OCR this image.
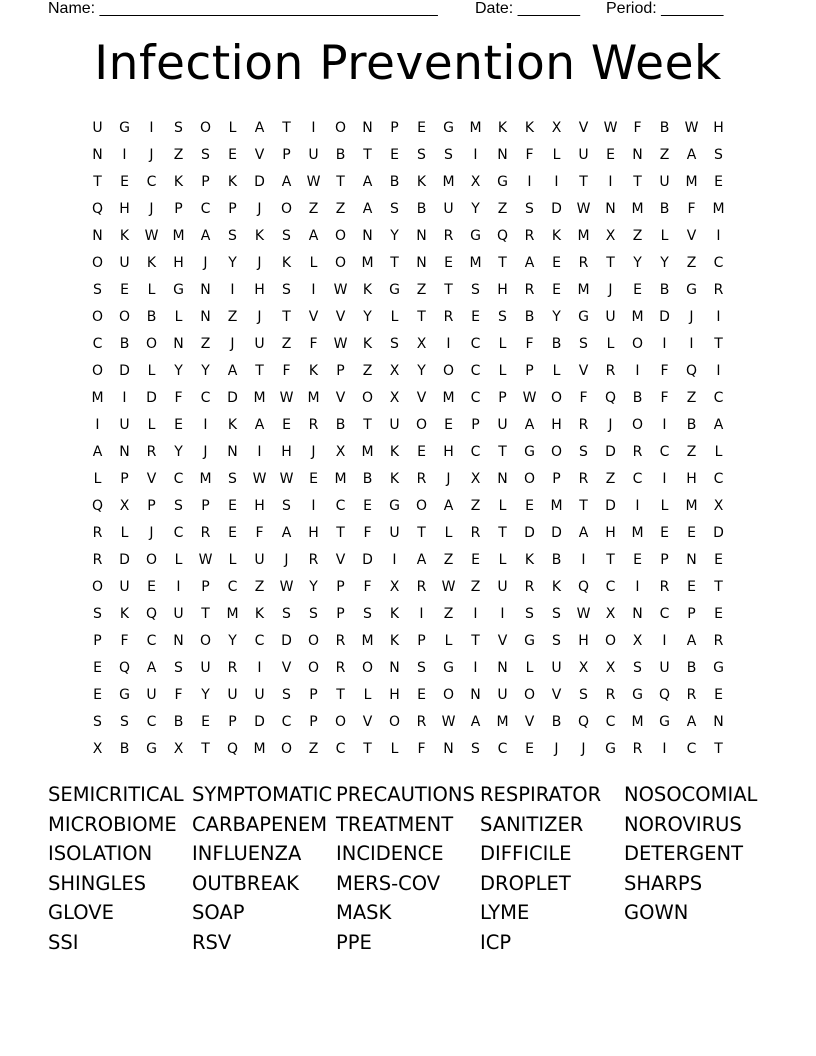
Name: ______________________________________ Date: _______ Period: _______
Infection Prevention Week
U	G	I	S	O	L	A	T	I	O	N	P	E	G	M	K	K	X	V	W	F	B	W	H
N	I	J	Z	S	E	V	P	U	B	T	E	S	S	I	N	F	L	U	E	N	Z	A	S
T	E	C	K	P	K	D	A	W	T	A	B	K	M	X	G	I	I	T	I	T	U	M	E
Q	H	J	P	C	P	J	O	Z	Z	A	S	B	U	Y	Z	S	D	W	N	M	B	F	M
N	K	W	M	A	S	K	S	A	O	N	Y	N	R	G	Q	R	K	M	X	Z	L	V	I
O	U	K	H	J	Y	J	K	L	O	M	T	N	E	M	T	A	E	R	T	Y	Y	Z	C
S	E	L	G	N	I	H	S	I	W	K	G	Z	T	S	H	R	E	M	J	E	B	G	R
O	O	B	L	N	Z	J	T	V	V	Y	L	T	R	E	S	B	Y	G	U	M	D	J	I
C	B	O	N	Z	J	U	Z	F	W	K	S	X	I	C	L	F	B	S	L	O	I	I	T
O	D	L	Y	Y	A	T	F	K	P	Z	X	Y	O	C	L	P	L	V	R	I	F	Q	I
M	I	D	F	C	D	M	W	M	V	O	X	V	M	C	P	W	O	F	Q	B	F	Z	C
I	U	L	E	I	K	A	E	R	B	T	U	O	E	P	U	A	H	R	J	O	I	B	A
A	N	R	Y	J	N	I	H	J	X	M	K	E	H	C	T	G	O	S	D	R	C	Z	L
L	P	V	C	M	S	W W	E	M	B	K	R	J	X	N	O	P	R	Z	C	I	H	C
Q	X	P	S	P	E	H	S	I	C	E	G	O	A	Z	L	E	M	T	D	I	L	M	X
R	L	J	C	R	E	F	A	H	T	F	U	T	L	R	T	D	D	A	H	M	E	E	D
R	D	O	L	W	L	U	J	R	V	D	I	A	Z	E	L	K	B	I	T	E	P	N	E
O	U	E	I	P	C	Z	W	Y	P	F	X	R	W	Z	U	R	K	Q	C	I	R	E	T
S	K	Q	U	T	M	K	S	S	P	S	K	I	Z	I	I	S	S	W	X	N	C	P	E
P	F	C	N	O	Y	C	D	O	R	M	K	P	L	T	V	G	S	H	O	X	I	A	R
E	Q	A	S	U	R	I	V	O	R	O	N	S	G	I	N	L	U	X	X	S	U	B	G
E	G	U	F	Y	U	U	S	P	T	L	H	E	O	N	U	O	V	S	R	G	Q	R	E
S	S	C	B	E	P	D	C	P	O	V	O	R	W	A	M	V	B	Q	C	M	G	A	N
X	B	G	X	T	Q	M	O	Z	C	T	L	F	N	S	C	E	J	J	G	R	I	C	T
SEMICRITICAL SYMPTOMATIC PRECAUTIONS RESPIRATOR	NOSOCOMIAL
MICROBIOME CARBAPENEM TREATMENT	SANITIZER	NOROVIRUS
ISOLATION	INFLUENZA	INCIDENCE	DIFFICILE	DETERGENT
SHINGLES	OUTBREAK	MERS-COV	DROPLET	SHARPS
GLOVE	SOAP	MASK	LYME	GOWN
SSI	RSV	PPE	ICP
